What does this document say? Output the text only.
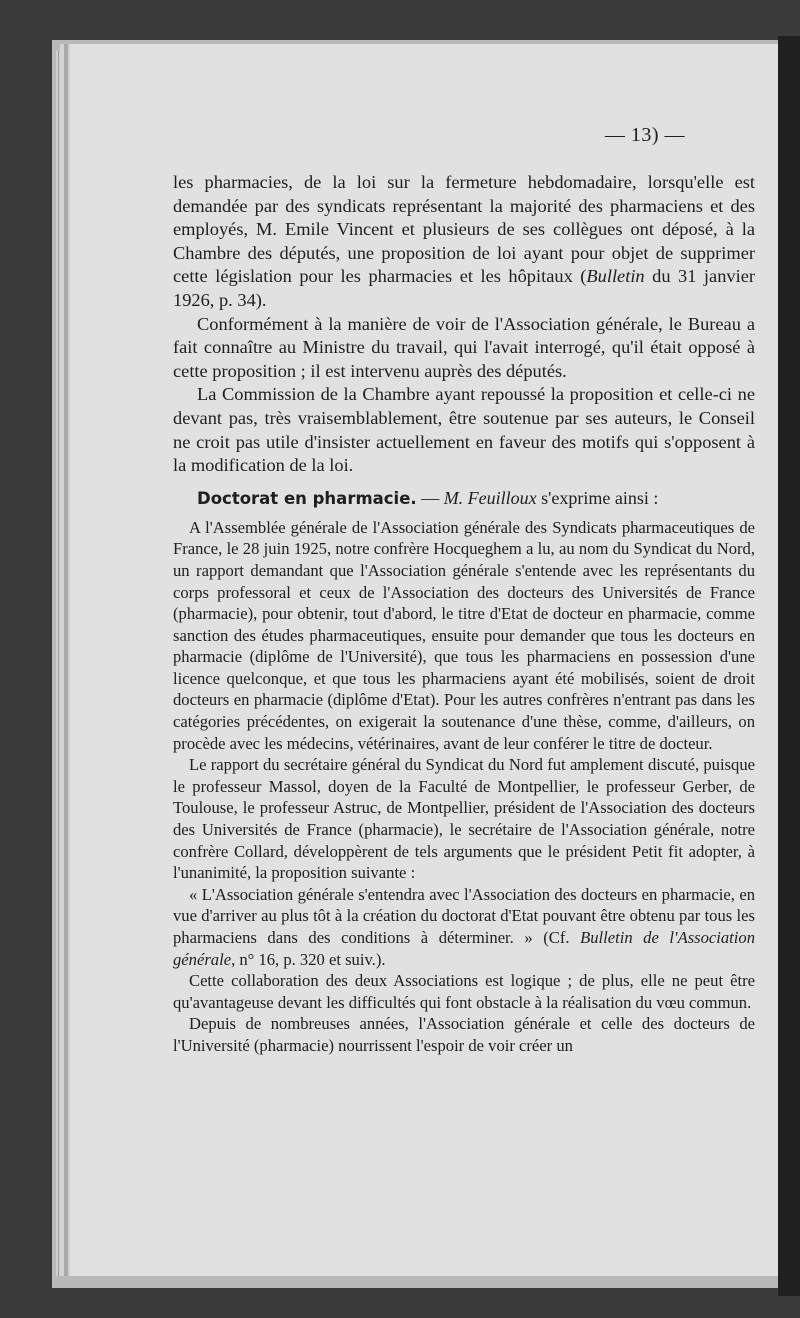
— 13) —

les pharmacies, de la loi sur la fermeture hebdomadaire, lorsqu'elle est demandée par des syndicats représentant la majorité des pharmaciens et des employés, M. Emile Vincent et plusieurs de ses collègues ont déposé, à la Chambre des députés, une proposition de loi ayant pour objet de supprimer cette législation pour les pharmacies et les hôpitaux (Bulletin du 31 janvier 1926, p. 34).

Conformément à la manière de voir de l'Association générale, le Bureau a fait connaître au Ministre du travail, qui l'avait interrogé, qu'il était opposé à cette proposition ; il est intervenu auprès des députés.

La Commission de la Chambre ayant repoussé la proposition et celle-ci ne devant pas, très vraisemblablement, être soutenue par ses auteurs, le Conseil ne croit pas utile d'insister actuellement en faveur des motifs qui s'opposent à la modification de la loi.

Doctorat en pharmacie. — M. Feuilloux s'exprime ainsi :

A l'Assemblée générale de l'Association générale des Syndicats pharmaceutiques de France, le 28 juin 1925, notre confrère Hocqueghem a lu, au nom du Syndicat du Nord, un rapport demandant que l'Association générale s'entende avec les représentants du corps professoral et ceux de l'Association des docteurs des Universités de France (pharmacie), pour obtenir, tout d'abord, le titre d'Etat de docteur en pharmacie, comme sanction des études pharmaceutiques, ensuite pour demander que tous les docteurs en pharmacie (diplôme de l'Université), que tous les pharmaciens en possession d'une licence quelconque, et que tous les pharmaciens ayant été mobilisés, soient de droit docteurs en pharmacie (diplôme d'Etat). Pour les autres confrères n'entrant pas dans les catégories précédentes, on exigerait la soutenance d'une thèse, comme, d'ailleurs, on procède avec les médecins, vétérinaires, avant de leur conférer le titre de docteur.

Le rapport du secrétaire général du Syndicat du Nord fut amplement discuté, puisque le professeur Massol, doyen de la Faculté de Montpellier, le professeur Gerber, de Toulouse, le professeur Astruc, de Montpellier, président de l'Association des docteurs des Universités de France (pharmacie), le secrétaire de l'Association générale, notre confrère Collard, développèrent de tels arguments que le président Petit fit adopter, à l'unanimité, la proposition suivante :

« L'Association générale s'entendra avec l'Association des docteurs en pharmacie, en vue d'arriver au plus tôt à la création du doctorat d'Etat pouvant être obtenu par tous les pharmaciens dans des conditions à déterminer. » (Cf. Bulletin de l'Association générale, n° 16, p. 320 et suiv.).

Cette collaboration des deux Associations est logique ; de plus, elle ne peut être qu'avantageuse devant les difficultés qui font obstacle à la réalisation du vœu commun.

Depuis de nombreuses années, l'Association générale et celle des docteurs de l'Université (pharmacie) nourrissent l'espoir de voir créer un
